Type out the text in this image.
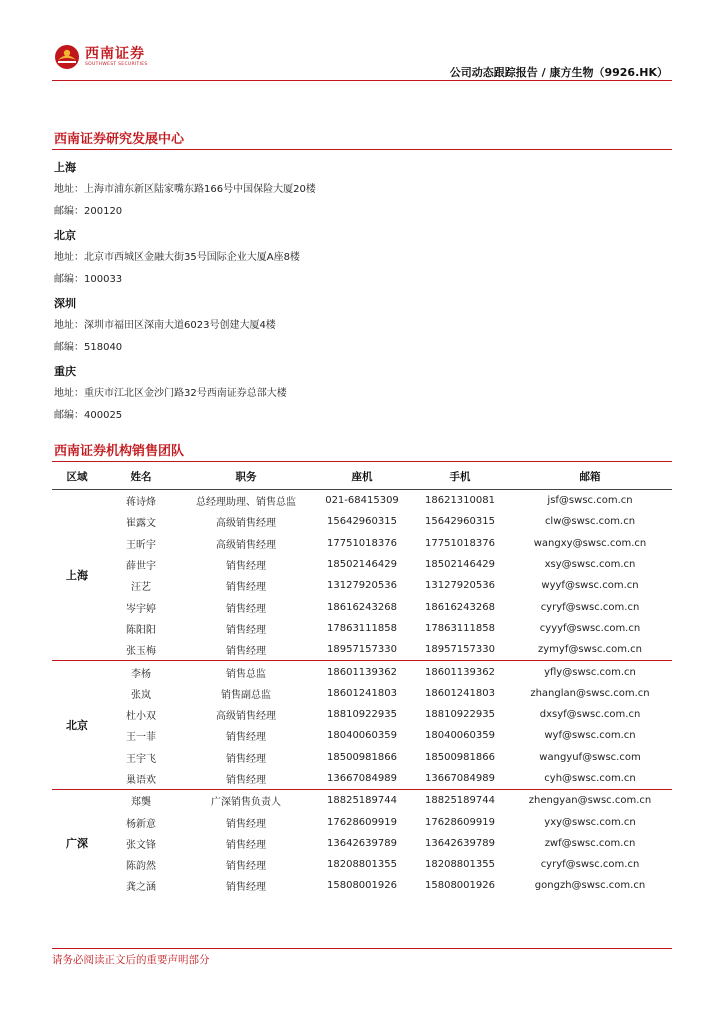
西南证券
SOUTHWEST SECURITIES
公司动态跟踪报告 / 康方生物（9926.HK）
西南证券研究发展中心
上海
地址：上海市浦东新区陆家嘴东路166号中国保险大厦20楼
邮编：200120
北京
地址：北京市西城区金融大街35号国际企业大厦A座8楼
邮编：100033
深圳
地址：深圳市福田区深南大道6023号创建大厦4楼
邮编：518040
重庆
地址：重庆市江北区金沙门路32号西南证券总部大楼
邮编：400025
西南证券机构销售团队
区域	姓名	职务	座机	手机	邮箱
上海	蒋诗烽	总经理助理、销售总监	021-68415309	18621310081	jsf@swsc.com.cn
	崔露文	高级销售经理	15642960315	15642960315	clw@swsc.com.cn
	王昕宇	高级销售经理	17751018376	17751018376	wangxy@swsc.com.cn
	薛世宇	销售经理	18502146429	18502146429	xsy@swsc.com.cn
	汪艺	销售经理	13127920536	13127920536	wyyf@swsc.com.cn
	岑宇婷	销售经理	18616243268	18616243268	cyryf@swsc.com.cn
	陈阳阳	销售经理	17863111858	17863111858	cyyyf@swsc.com.cn
	张玉梅	销售经理	18957157330	18957157330	zymyf@swsc.com.cn
北京	李杨	销售总监	18601139362	18601139362	yfly@swsc.com.cn
	张岚	销售副总监	18601241803	18601241803	zhanglan@swsc.com.cn
	杜小双	高级销售经理	18810922935	18810922935	dxsyf@swsc.com.cn
	王一菲	销售经理	18040060359	18040060359	wyf@swsc.com.cn
	王宇飞	销售经理	18500981866	18500981866	wangyuf@swsc.com
	巢语欢	销售经理	13667084989	13667084989	cyh@swsc.com.cn
广深	郑龑	广深销售负责人	18825189744	18825189744	zhengyan@swsc.com.cn
	杨新意	销售经理	17628609919	17628609919	yxy@swsc.com.cn
	张文锋	销售经理	13642639789	13642639789	zwf@swsc.com.cn
	陈韵然	销售经理	18208801355	18208801355	cyryf@swsc.com.cn
	龚之涵	销售经理	15808001926	15808001926	gongzh@swsc.com.cn
请务必阅读正文后的重要声明部分
